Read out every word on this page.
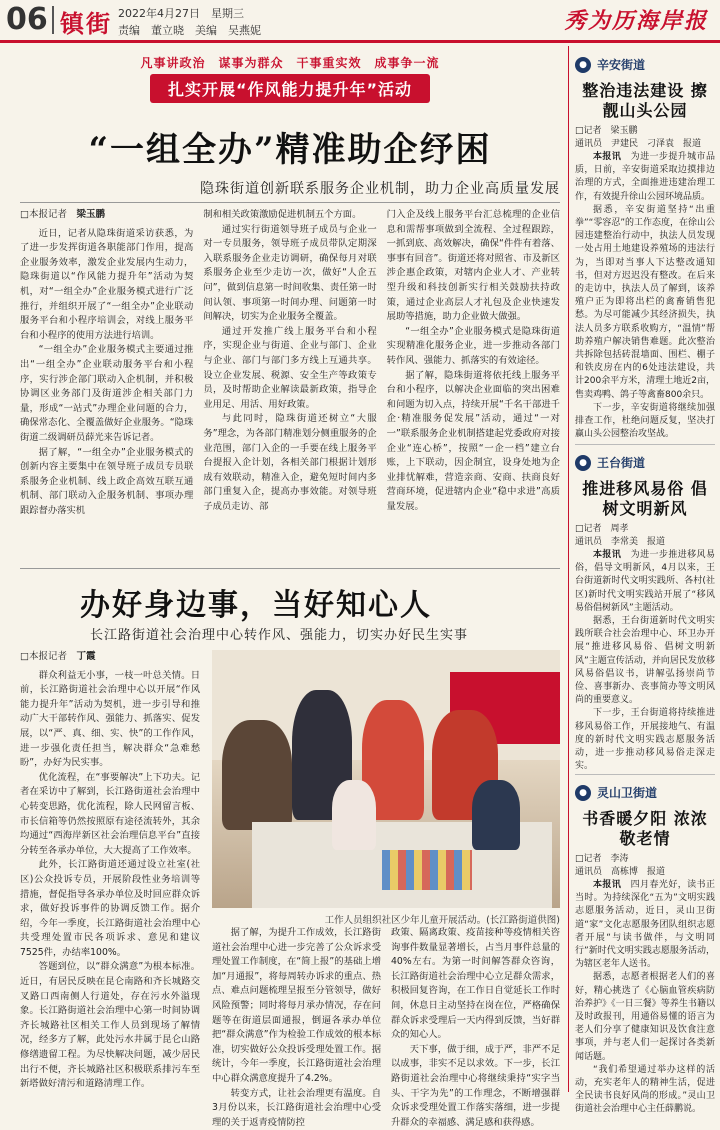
06 镇街 2022年4月27日　星期三
责编　董立晓　美编　吴燕妮	秀为历海岸报
凡事讲政治　谋事为群众　干事重实效　成事争一流
扎实开展“作风能力提升年”活动
“一组全办”精准助企纾困
隐珠街道创新联系服务企业机制，助力企业高质量发展
□本报记者　 梁玉鹏

近日，记者从隐珠街道采访获悉，为了进一步发挥街道各职能部门作用，提高企业服务效率，激发企业发展内生动力，隐珠街道以“作风能力提升年”活动为契机，对“一组全办”企业服务模式进行广泛推行，并组织开展了“一组全办”企业联动服务平台和小程序培训会，对线上服务平台和小程序的使用方法进行培训。

“一组全办”企业服务模式主要通过推出“一组全办”企业联动服务平台和小程序，实行涉企部门联动入企机制，并积极协调区业务部门及街道涉企相关部门力量，形成“一站式”办理企业问题的合力，确保常态化、全覆盖做好企业服务。“隐珠街道二级调研员薛光来告诉记者。

据了解，“一组全办”企业服务模式的创新内容主要集中在领导班子成员专员联系服务企业机制、线上政企高效互联互通机制、部门联动入企服务机制、事项办理跟踪督办落实机

制和相关政策激励促进机制五个方面。

通过实行街道领导班子成员与企业一对一专员服务，领导班子成员带队定期深入联系服务企业走访调研，确保每月对联系服务企业至少走访一次，做好“人企五问”，做到信息第一时间收集、责任第一时间认领、事项第一时间办理、问题第一时间解决，切实为企业服务全覆盖。

通过开发推广线上服务平台和小程序，实现企业与街道、企业与部门、企业与企业、部门与部门多方线上互通共享。设立企业发展、税源、安全生产等政策专员，及时帮助企业解读最新政策，指导企业用足、用活、用好政策。

与此同时，隐珠街道还树立“大服务”理念，为各部门精准划分侧重服务的企业范围，部门入企的一手要在线上服务平台提报入企计划，各相关部门根据计划形成有效联动，精准入企，避免短时间内多部门重复入企，提高办事效能。对领导班子成员走访、部

门入企及线上服务平台汇总梳理的企业信息和需帮事项做到全流程、全过程跟踪，一抓到底、高效解决，确保“件件有着落、事事有回音”。街道还将对照省、市及新区涉企惠企政策，对辖内企业人才、产业转型升级和科技创新实行相关鼓励扶持政策，通过企业高层人才礼包及企业快速发展助等措施，助力企业做大做强。

“一组全办”企业服务模式是隐珠街道实现精准化服务企业，进一步推动各部门转作风、强能力、抓落实的有效途径。

据了解，隐珠街道将依托线上服务平台和小程序，以解决企业面临的突出困难和问题为切入点，持续开展“千名干部进千企·精准服务促发展”活动，通过“一对一”联系服务企业机制搭建起党委政府对接企业“连心桥”，按照“一企一档”建立台账，上下联动，因企制宜，设身处地为企业排忧解难，营造亲商、安商、扶商良好营商环境，促进辖内企业“稳中求进”高质量发展。

办好身边事，当好知心人
长江路街道社会治理中心转作风、强能力，切实办好民生实事
□本报记者　 丁霞

群众利益无小事，一枝一叶总关情。日前，长江路街道社会治理中心以开展“作风能力提升年”活动为契机，进一步引导和推动广大干部转作风、强能力、抓落实、促发展，以“严、真、细、实、快”的工作作风，进一步强化责任担当，解决群众“急难愁盼”，办好为民实事。

优化流程，在“事要解决”上下功夫。记者在采访中了解到，长江路街道社会治理中心转变思路，优化流程，除人民网留言板、市长信箱等仍然按照原有途径流转外，其余均通过“西海岸新区社会治理信息平台”直接分转至各承办单位，大大提高了工作效率。

此外，长江路街道还通过设立社室(社区)公众投诉专员，开展阶段性业务培训等措施，督促指导各承办单位及时回应群众诉求，做好投诉事件的协调反馈工作。据介绍，今年一季度，长江路街道社会治理中心共受理处置市民各项诉求、意见和建议7525件，办结率100%。

答题到位，以“群众满意”为根本标准。近日，有居民反映在昆仑南路和齐长城路交叉路口西南侧人行道处，存在污水外溢现象。长江路街道社会治理中心第一时间协调齐长城路社区相关工作人员到现场了解情况，经多方了解，此处污水井属于昆仑山路修缮遗留工程。为尽快解决问题，减少居民出行不便，齐长城路社区积极联系排污车至新塔做好清污和道路清理工作。

工作人员组织社区少年儿童开展活动。(长江路街道供图)

据了解，为提升工作成效，长江路街道社会治理中心进一步完善了公众诉求受理处置工作制度，在“简上报”的基础上增加“月通报”，将每周转办诉求的重点、热点、难点问题梳理呈报至分管领导，做好风险预警；同时将每月承办情况，存在问题等在街道层面通报，倒逼各承办单位把“群众满意”作为检验工作成效的根本标准，切实做好公众投诉受理处置工作。据统计，今年一季度，长江路街道社会治理中心群众满意度提升了4.2%。

转变方式，让社会治理更有温度。自3月份以来，长江路街道社会治理中心受理的关于返青疫情防控

政策、隔离政策、疫苗接种等疫情相关咨询事件数量显著增长，占当月事件总量的40%左右。为第一时间解答群众咨询，长江路街道社会治理中心立足群众需求，积极回复咨询，在工作日自觉延长工作时间，休息日主动坚持在岗在位，严格确保群众诉求受理后一天内得到反馈，当好群众的知心人。

天下事，做于细，成于严，非严不足以成事，非实不足以求效。下一步，长江路街道社会治理中心将继续秉持“实字当头、干字为先”的工作理念，不断增强群众诉求受理处置工作落实落细，进一步提升群众的幸福感、满足感和获得感。

● 辛安街道
整治违法建设 擦靓山头公园
□记者　梁玉鹏
通讯员　尹建民　刁泽袁　报道

本报讯　 为进一步提升城市品质，日前，辛安街道采取边摸排边治理的方式，全面推进违建治理工作，有效提升徐山公园环境品质。

据悉，辛安街道坚持“出重拳”“零容忍”的工作态度，在徐山公园违建整治行动中，执法人员发现一处占用土地建设养殖场的违法行为，当即对当事人下达整改通知书，但对方迟迟没有整改。在后来的走访中，执法人员了解到，该养殖户正为即将出栏的禽畜销售犯愁。为尽可能减少其经济损失，执法人员多方联系收购方，“温情”帮助养殖户解决销售难题。此次整治共拆除包括砖混墙面、围栏、棚子和铁皮房在内的6处违法建设，共计200余平方米，清理土地近2亩，售卖鸡鸭、鸽子等禽畜800余只。

下一步，辛安街道将继续加强排查工作，杜绝问题反复，坚决打赢山头公园整治攻坚战。

● 王台街道
推进移风易俗 倡树文明新风
□记者　周孝
通讯员　李常美　报道

本报讯　 为进一步推进移风易俗，倡导文明新风，4月以来，王台街道新时代文明实践所、各村(社区)新时代文明实践站开展了“移风易俗倡树新风”主题活动。

据悉，王台街道新时代文明实践所联合社会治理中心、环卫办开展“推进移风易俗、倡树文明新风”主题宣传活动，并向居民发放移风易俗倡议书，讲解弘扬崇尚节俭、喜事新办、丧事简办等文明风尚的重要意义。

下一步，王台街道将持续推进移风易俗工作，开展接地气、有温度的新时代文明实践志愿服务活动，进一步推动移风易俗走深走实。

● 灵山卫街道
书香暖夕阳 浓浓敬老情
□记者　李涛
通讯员　高栋博　报道

本报讯　 四月春光好，读书正当时。为持续深化“五为”文明实践志愿服务活动，近日，灵山卫街道“家”文化志愿服务团队组织志愿者开展“与读书做伴，与文明同行”新时代文明实践志愿服务活动，为辖区老年人送书。

据悉，志愿者根据老人们的喜好，精心挑选了《心脑血管疾病防治养护》《一日三餐》等养生书籍以及时政报刊，用通俗易懂的语言为老人们分享了健康知识及饮食注意事项，并与老人们一起探讨各类新闻话题。

“我们希望通过举办这样的活动，充实老年人的精神生活，促进全民读书良好风尚的形成。”灵山卫街道社会治理中心主任薛鹏说。
